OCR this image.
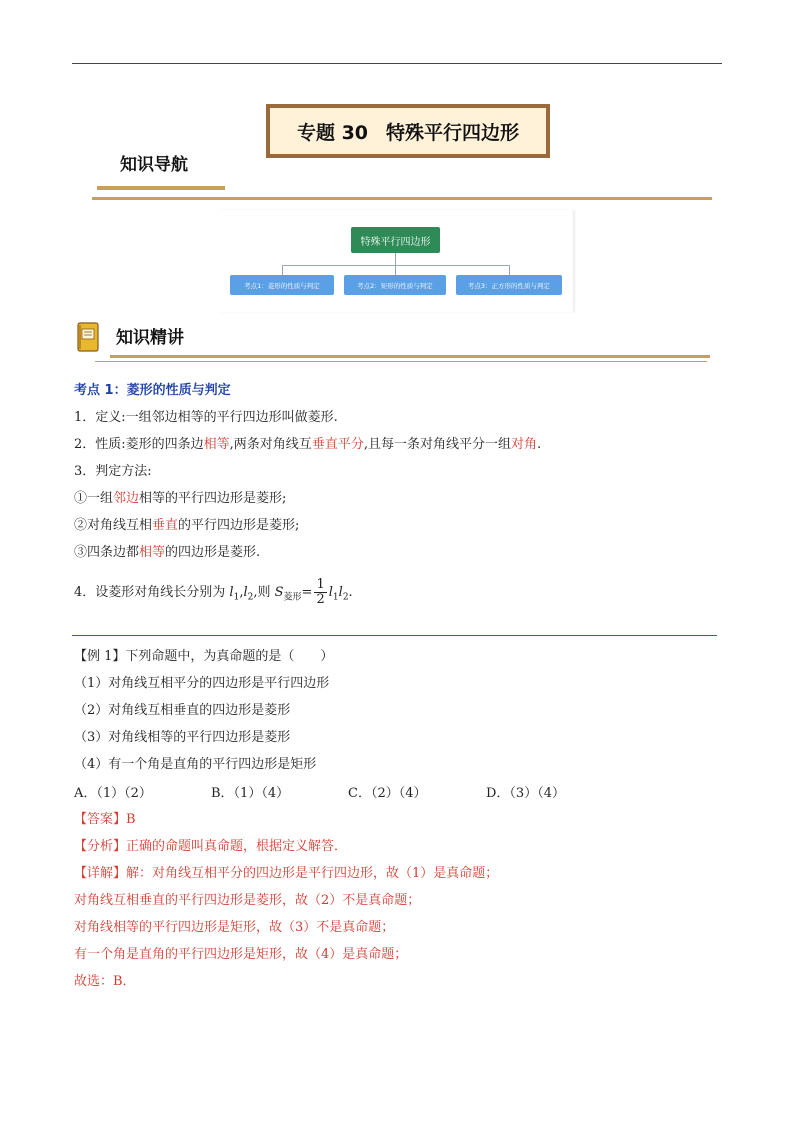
专题 30 特殊平行四边形
知识导航
特殊平行四边形
考点1：菱形的性质与判定	考点2：矩形的性质与判定	考点3：正方形的性质与判定
知识精讲
考点 1：菱形的性质与判定
1．定义:一组邻边相等的平行四边形叫做菱形.
2．性质:菱形的四条边相等,两条对角线互垂直平分,且每一条对角线平分一组对角.
3．判定方法:
①一组邻边相等的平行四边形是菱形;
②对角线互相垂直的平行四边形是菱形;
③四条边都相等的四边形是菱形.
4．设菱形对角线长分别为 $l_1,l_2$,则 $S_{菱形}= \frac{1}{2} l_1l_2$.
【例 1】下列命题中，为真命题的是（　　）
（1）对角线互相平分的四边形是平行四边形
（2）对角线互相垂直的四边形是菱形
（3）对角线相等的平行四边形是菱形
（4）有一个角是直角的平行四边形是矩形
A．（1）（2）	B．（1）（4）	C．（2）（4）	D．（3）（4）
【答案】B
【分析】正确的命题叫真命题，根据定义解答．
【详解】解：对角线互相平分的四边形是平行四边形，故（1）是真命题；
对角线互相垂直的平行四边形是菱形，故（2）不是真命题；
对角线相等的平行四边形是矩形，故（3）不是真命题；
有一个角是直角的平行四边形是矩形，故（4）是真命题；
故选：B．
